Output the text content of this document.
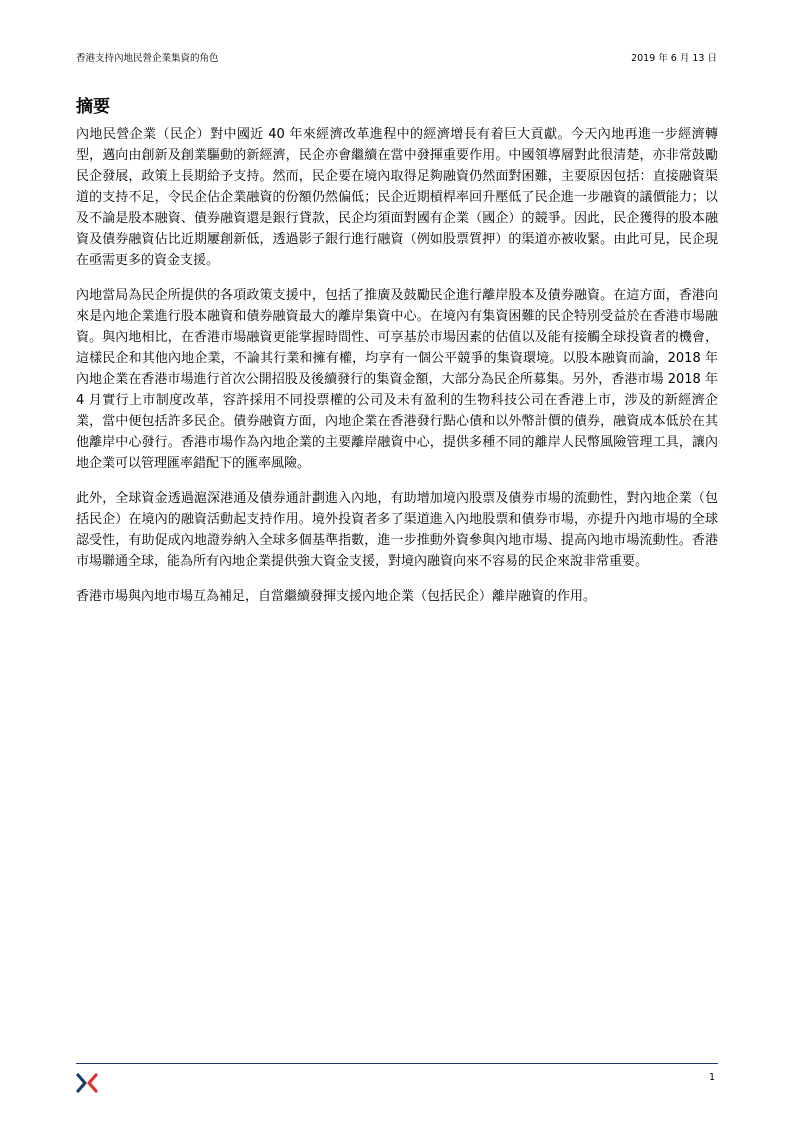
香港支持內地民營企業集資的角色	2019 年 6 月 13 日
摘要

內地民營企業（民企）對中國近 40 年來經濟改革進程中的經濟增長有着巨大貢獻。今天內地再進一步經濟轉型，邁向由創新及創業驅動的新經濟，民企亦會繼續在當中發揮重要作用。中國領導層對此很清楚，亦非常鼓勵民企發展，政策上長期給予支持。然而，民企要在境內取得足夠融資仍然面對困難，主要原因包括：直接融資渠道的支持不足，令民企佔企業融資的份額仍然偏低；民企近期槓桿率回升壓低了民企進一步融資的議價能力；以及不論是股本融資、債券融資還是銀行貸款，民企均須面對國有企業（國企）的競爭。因此，民企獲得的股本融資及債券融資佔比近期屢創新低，透過影子銀行進行融資（例如股票質押）的渠道亦被收緊。由此可見，民企現在亟需更多的資金支援。

內地當局為民企所提供的各項政策支援中，包括了推廣及鼓勵民企進行離岸股本及債券融資。在這方面，香港向來是內地企業進行股本融資和債券融資最大的離岸集資中心。在境內有集資困難的民企特別受益於在香港市場融資。與內地相比，在香港市場融資更能掌握時間性、可享基於市場因素的估值以及能有接觸全球投資者的機會，這樣民企和其他內地企業，不論其行業和擁有權，均享有一個公平競爭的集資環境。以股本融資而論，2018 年內地企業在香港市場進行首次公開招股及後續發行的集資金額，大部分為民企所募集。另外，香港市場 2018 年 4 月實行上市制度改革，容許採用不同投票權的公司及未有盈利的生物科技公司在香港上市，涉及的新經濟企業，當中便包括許多民企。債券融資方面，內地企業在香港發行點心債和以外幣計價的債券，融資成本低於在其他離岸中心發行。香港市場作為內地企業的主要離岸融資中心，提供多種不同的離岸人民幣風險管理工具，讓內地企業可以管理匯率錯配下的匯率風險。

此外，全球資金透過滬深港通及債券通計劃進入內地，有助增加境內股票及債券市場的流動性，對內地企業（包括民企）在境內的融資活動起支持作用。境外投資者多了渠道進入內地股票和債券市場，亦提升內地市場的全球認受性，有助促成內地證券納入全球多個基準指數，進一步推動外資參與內地市場、提高內地市場流動性。香港市場聯通全球，能為所有內地企業提供強大資金支援，對境內融資向來不容易的民企來說非常重要。

香港市場與內地市場互為補足，自當繼續發揮支援內地企業（包括民企）離岸融資的作用。

1
